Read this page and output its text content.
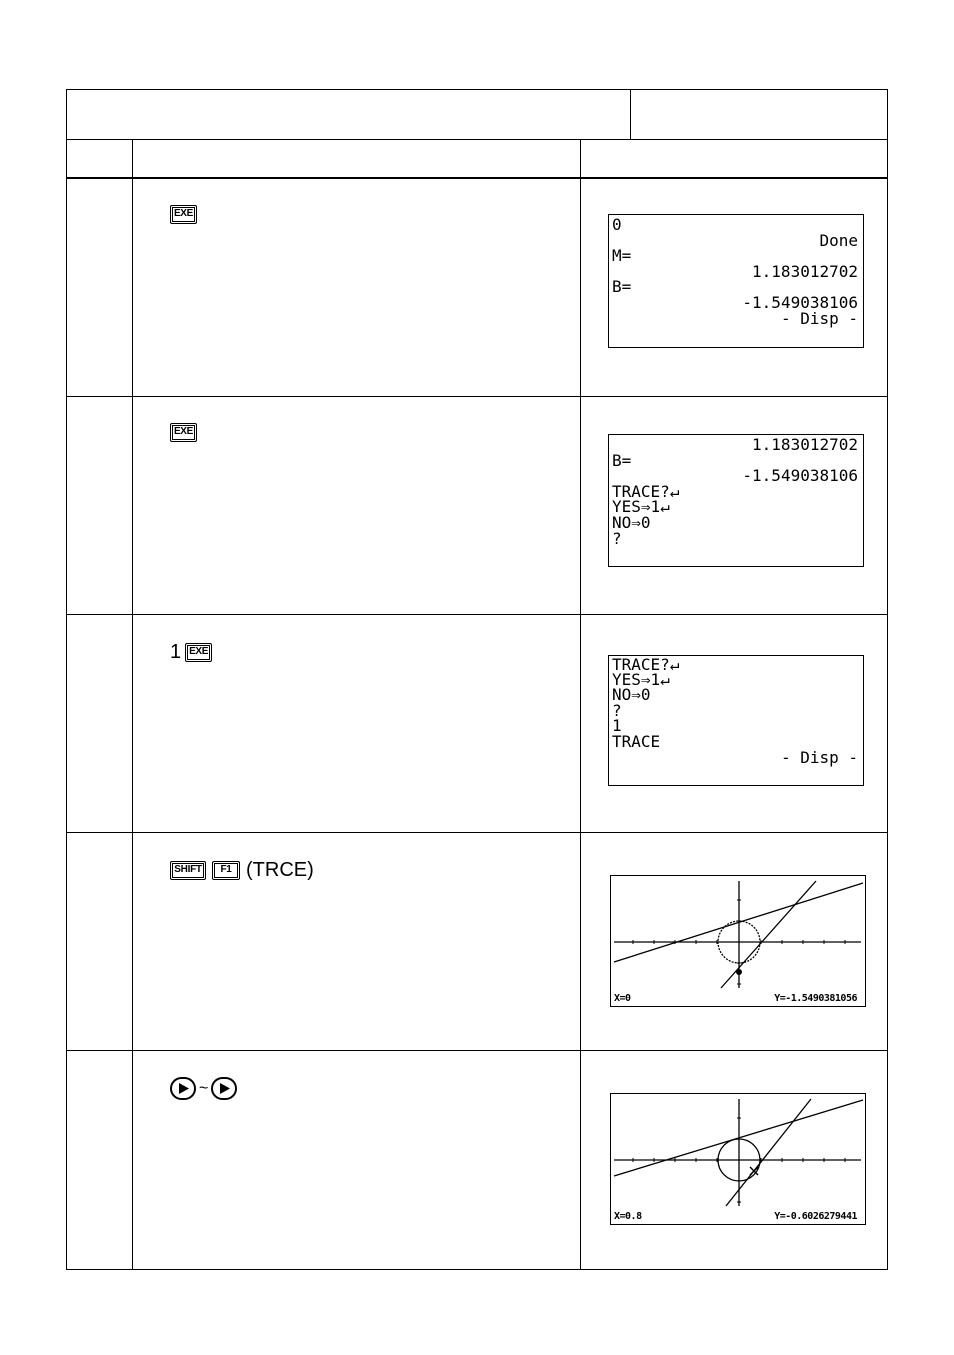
EXE
0
Done
M=
1.183012702
B=
-1.549038106
- Disp -
EXE
1.183012702
B=
-1.549038106
TRACE?↵
YES⇒1↵
NO⇒0
?
1 EXE
TRACE?↵
YES⇒1↵
NO⇒0
?
1
TRACE
- Disp -
SHIFT	F1 (TRCE)
X=0	Y=-1.5490381056
~
X=0.8	Y=-0.6026279441
